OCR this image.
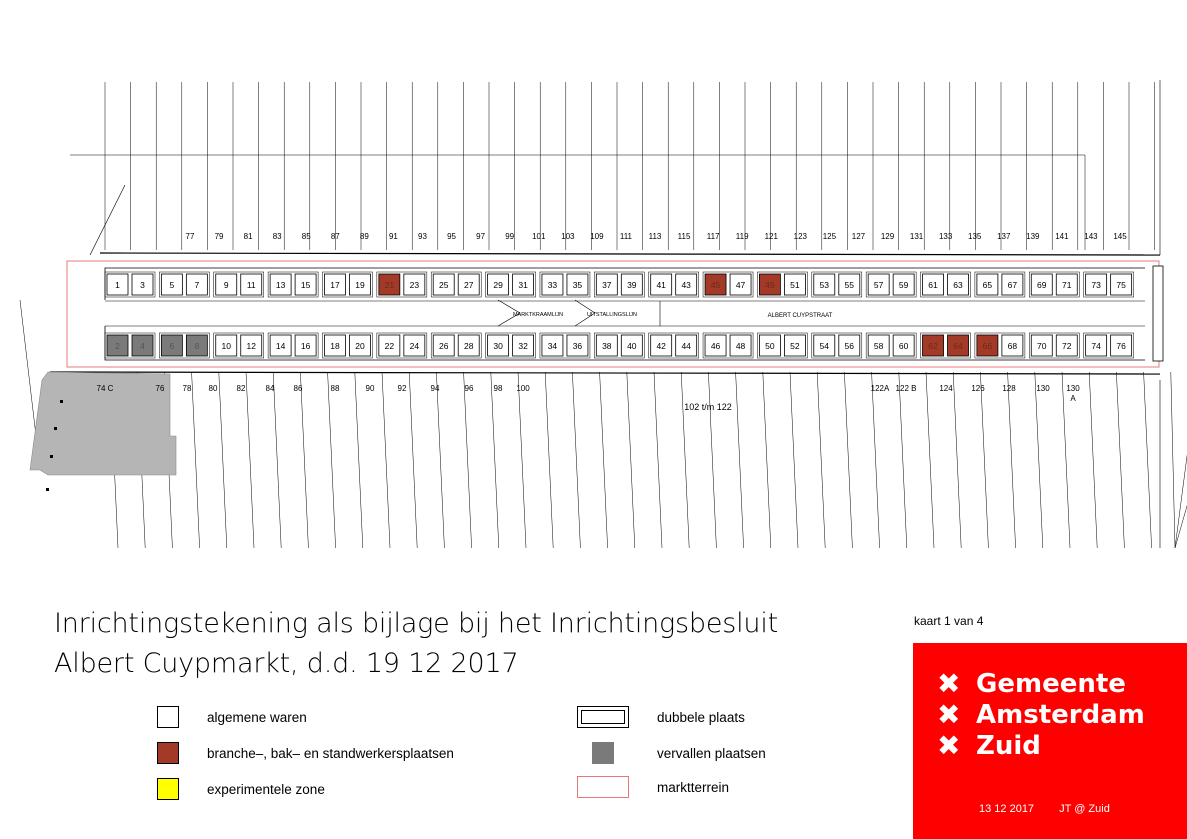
1 3	5 7	9 11 13 15 17 19 21 23 25 27 29 31 33 35 37 39 41 43 45 47 49 51 53 55 57 59 61 63 65 67 69 71 73 75
2 4	6 8	10 12 14 16 18 20 22 24 26 28 30 32 34 36 38 40 42 44 46 48 50 52 54 56 58 60 62 64 66 68 70 72 74 76
MARKTKRAAMLIJN	UITSTALLINGSLIJN	ALBERT CUYPSTRAAT
77	79	81	83	85	87	89	91	93	95	97	99 101 103 109 111 113 115 117 119 121 123 125 127 129 131 133 135 137 139 141 143 145
74 C	76 78 80 82	84 86	88	90	92	94	96	98 100	122A 122 B	124 126 128	130 130
A
102 t/m 122
Inrichtingstekening als bijlage bij het Inrichtingsbesluit
Albert Cuypmarkt, d.d. 19 12 2017
algemene waren
branche–, bak– en standwerkersplaatsen
experimentele zone
dubbele plaats
vervallen plaatsen
marktterrein
kaart 1 van 4
✖ Gemeente
✖ Amsterdam
✖ Zuid
13 12 2017 JT @ Zuid
